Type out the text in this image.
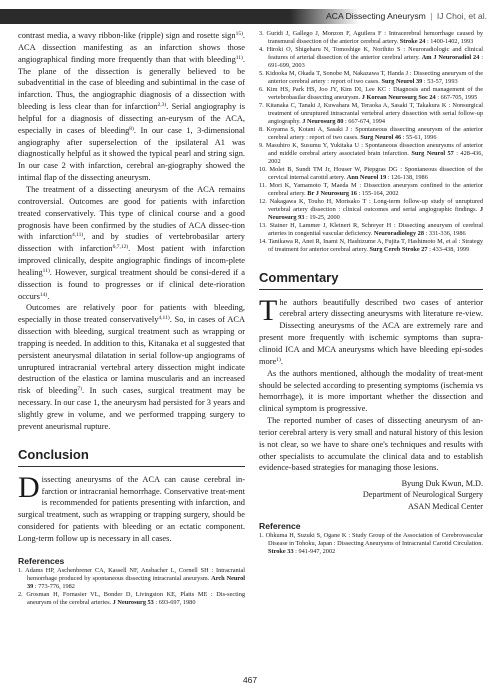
ACA Dissecting Aneurysm | IJ Choi, et al.

contrast media, a wavy ribbon-like (ripple) sign and rosette sign$^{15)}$. ACA dissection manifesting as an infarction shows those angiographical finding more frequently than that with bleeding$^{11)}$. The plane of the dissection is generally believed to be subadventitial in the case of bleeding and subintimal in the case of infarction. Thus, the angiographic diagnosis of a dissection with bleeding is less clear than for infarction$^{2,3)}$. Serial angiography is helpful for a diagnosis of dissecting an-eurysm of the ACA, especially in cases of bleeding$^{8)}$. In our case 1, 3-dimensional angiography after superselection of the ipsilateral A1 was diagnostically helpful as it showed the typical pearl and string sign. In our case 2 with infarction, cerebral an-giography showed the intimal flap of the dissecting aneurysm.

The treatment of a dissecting aneurysm of the ACA remains controversial. Outcomes are good for patients with infarction treated conservatively. This type of clinical course and a good prognosis have been confirmed by the studies of ACA dissec-tion with infarction$^{4,11)}$, and by studies of vertebrobasilar artery dissection with infarction$^{6,7,12)}$. Most patient with infarction improved clinically, despite angiographic findings of incom-plete healing$^{11)}$. However, surgical treatment should be consi-dered if a dissection is found to progresses or if clinical dete-rioration occurs$^{14)}$.

Outcomes are relatively poor for patients with bleeding, especially in those treated conservatively$^{4,11)}$. So, in cases of ACA dissection with bleeding, surgical treatment such as wrapping or trapping is needed. In addition to this, Kitanaka et al suggested that persistent aneurysmal dilatation in serial follow-up angiograms of unruptured intracranial vertebral artery dissection might indicate destruction of the elastica or lamina muscularis and an increased risk of bleeding$^{7)}$. In such cases, surgical treatment may be necessary. In our case 1, the aneurysm had persisted for 3 years and slightly grew in volume, and we performed trapping surgery to prevent aneurismal rupture.

Conclusion

Dissecting aneurysms of the ACA can cause cerebral in-farction or intracranial hemorrhage. Conservative treat-ment is recommended for patients presenting with infarction, and surgical treatment, such as wrapping or trapping surgery, should be considered for patients with bleeding or an ectatic component. Long-term follow up is necessary in all cases.

References
1. Adams HP, Aschenbrener CA, Kassell NF, Ansbacher L, Cornell SH : Intracranial hemorrhage produced by spontaneous dissecting intracranial aneurysm. Arch Neurol 39 : 773-776, 1982
2. Grosman H, Fornasier VL, Bonder D, Livingston KE, Platts ME : Dis-secting aneurysm of the cerebral arteries. J Neurosurg 53 : 693-697, 1980
3. Guridi J, Gallego J, Monzon F, Aguilera F : Intracerebral hemorrhage caused by transmural dissection of the anterior cerebral artery. Stroke 24 : 1400-1402, 1993
4. Hiroki O, Shigeharu N, Tomoshige K, Norihito S : Neuroradiologic and clinical features of arterial dissection of the anterior cerebral artery. Am J Neuroradiol 24 : 691-699, 2003
5. Kidooka M, Okada T, Sonobe M, Nakazawa T, Handa J : Dissecting aneurysm of the anterior cerebral artery : report of two cases. Surg Neurol 39 : 53-57, 1993
6. Kim HS, Park HS, Joo JY, Kim DI, Lee KC : Diagnosis and management of the vertebrobasilar dissecting aneurysm. J Korean Neurosurg Soc 24 : 667-705, 1995
7. Kitanaka C, Tanaki J, Kuwahara M, Teraoka A, Sasaki T, Takakura K : Nonsurgical treatment of unruptured intracranial vertebral artery dissection with serial follow-up angiography. J Neurosurg 80 : 667-674, 1994
8. Koyama S, Kotani A, Sasaki J : Spontaneous dissecting aneurysm of the anterior cerebral artery : report of two cases. Surg Neurol 46 : 55-61, 1996
9. Masuhiro K, Susumu Y, Yukitaka U : Spontaneous dissection aneurysms of anterior and middle cerebral artery associated brain infarction. Surg Neurol 57 : 428-436, 2002
10. Molet B, Sundt TM Jr, Houser W, Piepgras DG : Spontaneous dissection of the cervical internal carotid artery. Ann Neurol 19 : 126-138, 1986
11. Mori K, Yamamoto T, Maeda M : Dissection aneurysm confined to the anterior cerebral artery. Br J Neurosurg 16 : 155-164, 2002
12. Nakagawa K, Touho H, Morisako T : Long-term follow-up study of unruptured vertebral artery dissection : clinical outcomes and serial angiographic findings. J Neurosurg 93 : 19-25, 2000
13. Stainer H, Lammer J, Kleinert R, Schreyer H : Dissecting aneurysm of cerebral arteries in congenital vascular deficiency. Neuroradiology 28 : 331-336, 1986
14. Tanikawa R, Anei R, Inami N, Hashizume A, Fujita T, Hashimoto M, et al : Strategy of treatment for anterior cerebral artery. Surg Cereb Stroke 27 : 433-438, 1999
Commentary

The authors beautifully described two cases of anterior cerebral artery dissecting aneurysms with literature re-view. Dissecting aneurysms of the ACA are extremely rare and present more frequently with ischemic symptoms than supra-clinoid ICA and MCA aneurysms which have bleeding epi-sodes more$^{1)}$.

As the authors mentioned, although the modality of treat-ment should be selected according to presenting symptoms (ischemia vs hemorrhage), it is more important whether the dissection and clinical symptom is progressive.

The reported number of cases of dissecting aneurysm of an-terior cerebral artery is very small and natural history of this lesion is not clear, so we have to share one's techniques and results with other specialists to accumulate the clinical data and to establish evidence-based strategies for managing those lesions.

Byung Duk Kwun, M.D.

Department of Neurological Surgery

ASAN Medical Center

Reference
1. Ohkuma H, Suzuki S, Ogane K : Study Group of the Association of Cerebrovascular Disease in Tohoku, Japan : Dissecting Aneurysms of Intracranial Carotid Circulation. Stroke 33 : 941-947, 2002
467
